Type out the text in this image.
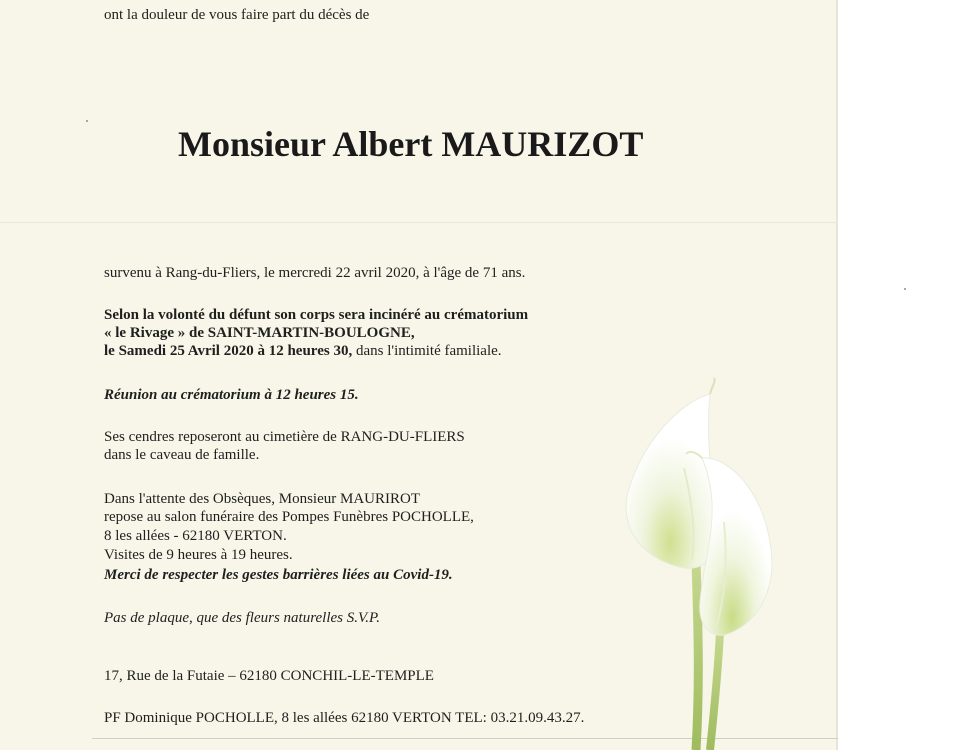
ont la douleur de vous faire part du décès de
Monsieur Albert MAURIZOT
survenu à Rang-du-Fliers, le mercredi 22 avril 2020, à l'âge de 71 ans.
Selon la volonté du défunt son corps sera incinéré au crématorium
« le Rivage » de SAINT-MARTIN-BOULOGNE,
le Samedi 25 Avril 2020 à 12 heures 30, dans l'intimité familiale.
Réunion au crématorium à 12 heures 15.
Ses cendres reposeront au cimetière de RANG-DU-FLIERS
dans le caveau de famille.
Dans l'attente des Obsèques, Monsieur MAURIROT
repose au salon funéraire des Pompes Funèbres POCHOLLE,
8 les allées - 62180 VERTON.
Visites de 9 heures à 19 heures.
Merci de respecter les gestes barrières liées au Covid-19.
Pas de plaque, que des fleurs naturelles S.V.P.
17, Rue de la Futaie – 62180 CONCHIL-LE-TEMPLE
PF Dominique POCHOLLE, 8 les allées 62180 VERTON TEL: 03.21.09.43.27.
